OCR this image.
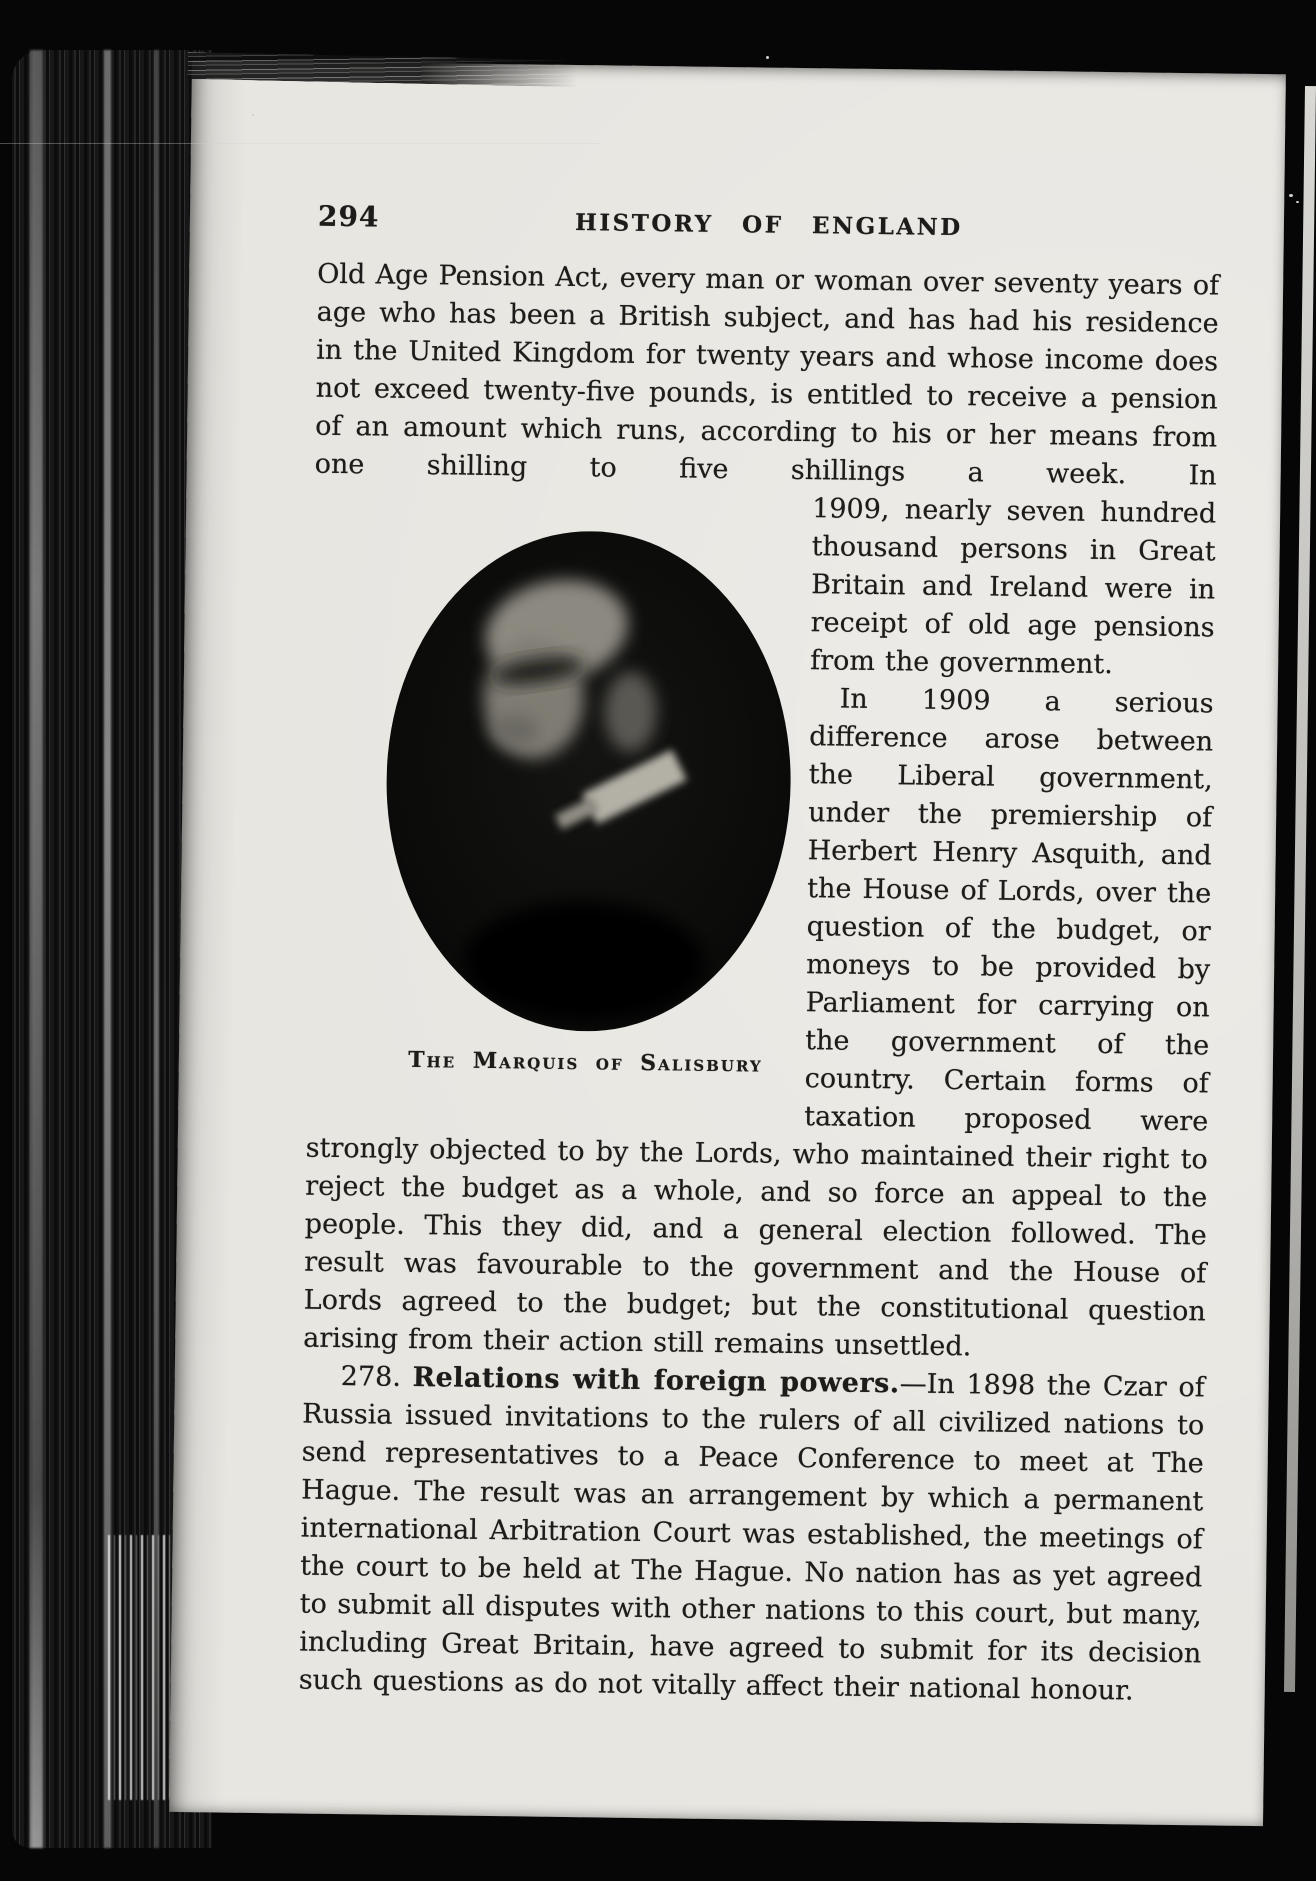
294	HISTORY OF ENGLAND

Old Age Pension Act, every man or woman over seventy years of age who has been a British subject, and has had his residence in the United Kingdom for twenty years and whose income does not exceed twenty-five pounds, is entitled to receive a pension of an amount which runs, according to his or her means from one shilling to five shillings a week. In

The Marquis of Salisbury

1909, nearly seven hundred thousand persons in Great Britain and Ireland were in receipt of old age pensions from the government.

In 1909 a serious difference arose between the Liberal government, under the premiership of Herbert Henry Asquith, and the House of Lords, over the question of the budget, or moneys to be provided by Parliament for carrying on the government of the country. Certain forms of taxation proposed were strongly objected to by the Lords, who maintained their right to reject the budget as a whole, and so force an appeal to the people. This they did, and a general election followed. The result was favourable to the government and the House of Lords agreed to the budget; but the constitutional question arising from their action still remains unsettled.

278. Relations with foreign powers.—In 1898 the Czar of Russia issued invitations to the rulers of all civilized nations to send representatives to a Peace Conference to meet at The Hague. The result was an arrangement by which a permanent international Arbitration Court was established, the meetings of the court to be held at The Hague. No nation has as yet agreed to submit all disputes with other nations to this court, but many, including Great Britain, have agreed to submit for its decision such questions as do not vitally affect their national honour.
